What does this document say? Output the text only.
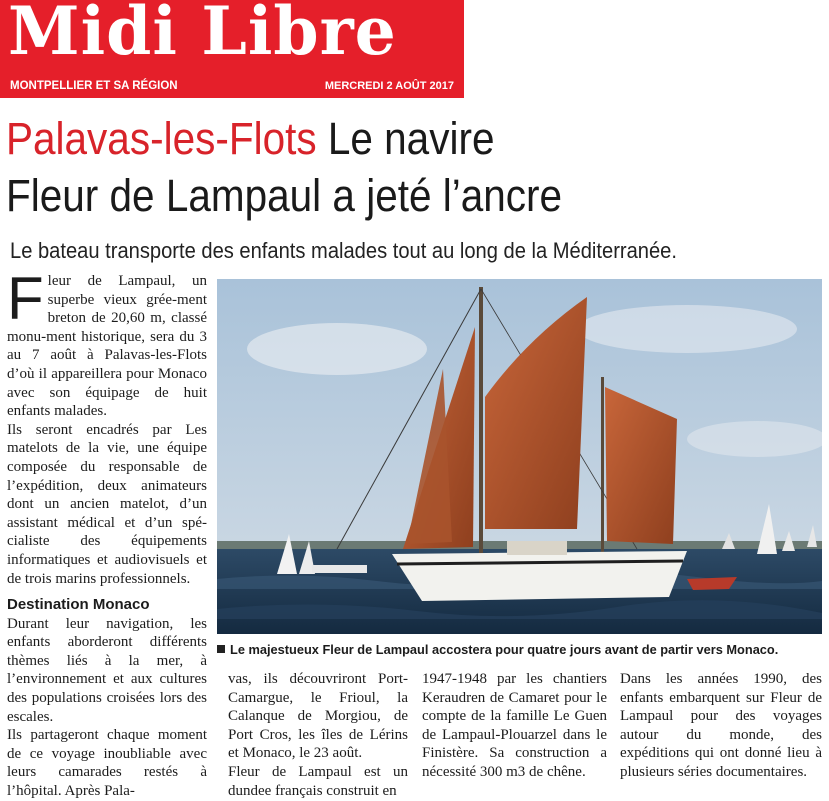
Midi Libre
MONTPELLIER ET SA RÉGION	MERCREDI 2 AOÛT 2017
Palavas-les-Flots Le navire
Fleur de Lampaul a jeté l’ancre
Le bateau transporte des enfants malades tout au long de la Méditerranée.

Fleur de Lampaul, un superbe vieux grée-ment breton de 20,60 m, classé monu-ment historique, sera du 3 au 7 août à Palavas-les-Flots d’où il appareillera pour Monaco avec son équipage de huit enfants malades.

Ils seront encadrés par Les matelots de la vie, une équipe composée du responsable de l’expédition, deux animateurs dont un ancien matelot, d’un assistant médical et d’un spé-cialiste des équipements informatiques et audiovisuels et de trois marins professionnels.

Destination Monaco

Durant leur navigation, les enfants aborderont différents thèmes liés à la mer, à l’environnement et aux cultures des populations croisées lors des escales.

Ils partageront chaque moment de ce voyage inoubliable avec leurs camarades restés à l’hôpital. Après Pala-

Le majestueux Fleur de Lampaul accostera pour quatre jours avant de partir vers Monaco.

vas, ils découvriront Port-Camargue, le Frioul, la Calanque de Morgiou, de Port Cros, les îles de Lérins et Monaco, le 23 août.

Fleur de Lampaul est un dundee français construit en

1947-1948 par les chantiers Keraudren de Camaret pour le compte de la famille Le Guen de Lampaul-Plouarzel dans le Finistère. Sa construction a nécessité 300 m3 de chêne.

Dans les années 1990, des enfants embarquent sur Fleur de Lampaul pour des voyages autour du monde, des expéditions qui ont donné lieu à plusieurs séries documentaires.
